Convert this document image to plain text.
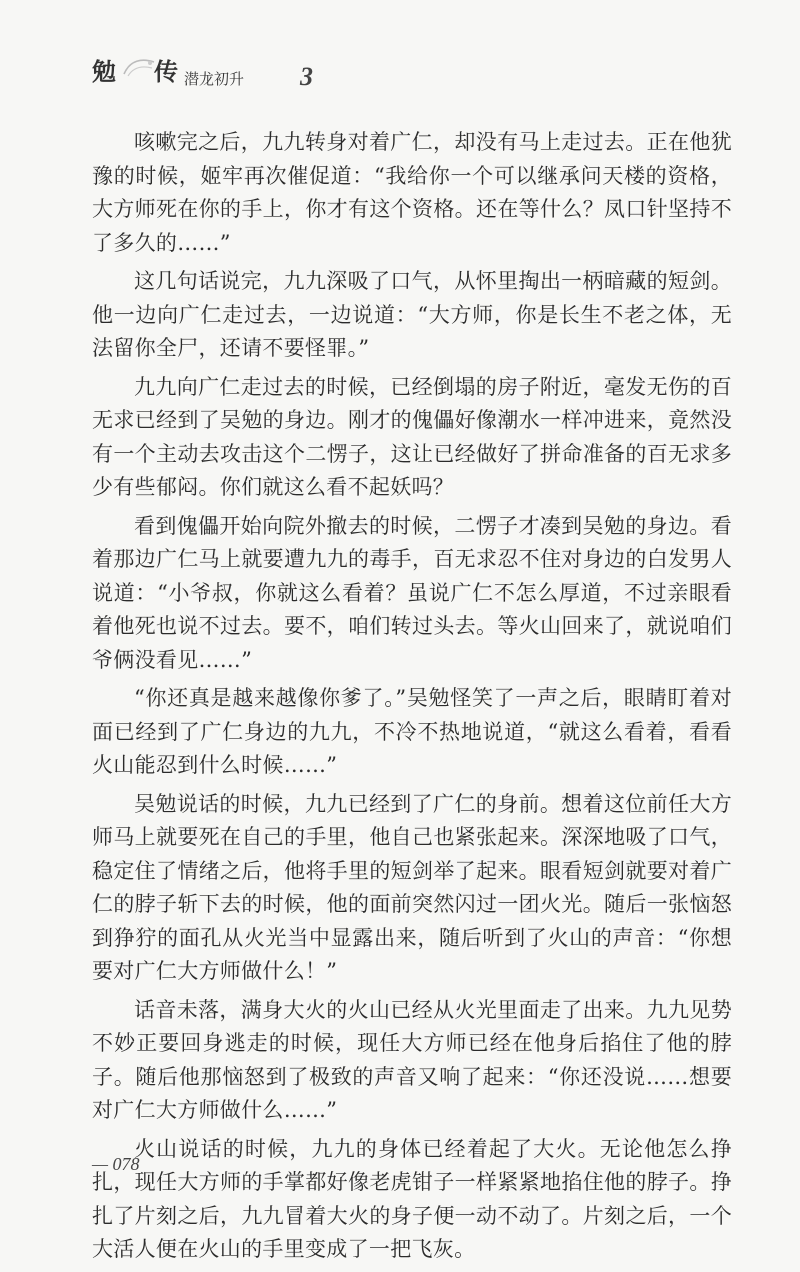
勉 传 潜龙初升 3

咳嗽完之后，九九转身对着广仁，却没有马上走过去。正在他犹豫的时候，姬牢再次催促道：“我给你一个可以继承问天楼的资格，大方师死在你的手上，你才有这个资格。还在等什么？凤口针坚持不了多久的……”

这几句话说完，九九深吸了口气，从怀里掏出一柄暗藏的短剑。他一边向广仁走过去，一边说道：“大方师，你是长生不老之体，无法留你全尸，还请不要怪罪。”

九九向广仁走过去的时候，已经倒塌的房子附近，毫发无伤的百无求已经到了吴勉的身边。刚才的傀儡好像潮水一样冲进来，竟然没有一个主动去攻击这个二愣子，这让已经做好了拼命准备的百无求多少有些郁闷。你们就这么看不起妖吗？

看到傀儡开始向院外撤去的时候，二愣子才凑到吴勉的身边。看着那边广仁马上就要遭九九的毒手，百无求忍不住对身边的白发男人说道：“小爷叔，你就这么看着？虽说广仁不怎么厚道，不过亲眼看着他死也说不过去。要不，咱们转过头去。等火山回来了，就说咱们爷俩没看见……”

“你还真是越来越像你爹了。”吴勉怪笑了一声之后，眼睛盯着对面已经到了广仁身边的九九，不冷不热地说道，“就这么看着，看看火山能忍到什么时候……”

吴勉说话的时候，九九已经到了广仁的身前。想着这位前任大方师马上就要死在自己的手里，他自己也紧张起来。深深地吸了口气，稳定住了情绪之后，他将手里的短剑举了起来。眼看短剑就要对着广仁的脖子斩下去的时候，他的面前突然闪过一团火光。随后一张恼怒到狰狞的面孔从火光当中显露出来，随后听到了火山的声音：“你想要对广仁大方师做什么！”

话音未落，满身大火的火山已经从火光里面走了出来。九九见势不妙正要回身逃走的时候，现任大方师已经在他身后掐住了他的脖子。随后他那恼怒到了极致的声音又响了起来：“你还没说……想要对广仁大方师做什么……”

火山说话的时候，九九的身体已经着起了大火。无论他怎么挣扎，现任大方师的手掌都好像老虎钳子一样紧紧地掐住他的脖子。挣扎了片刻之后，九九冒着大火的身子便一动不动了。片刻之后，一个大活人便在火山的手里变成了一把飞灰。

— 078
